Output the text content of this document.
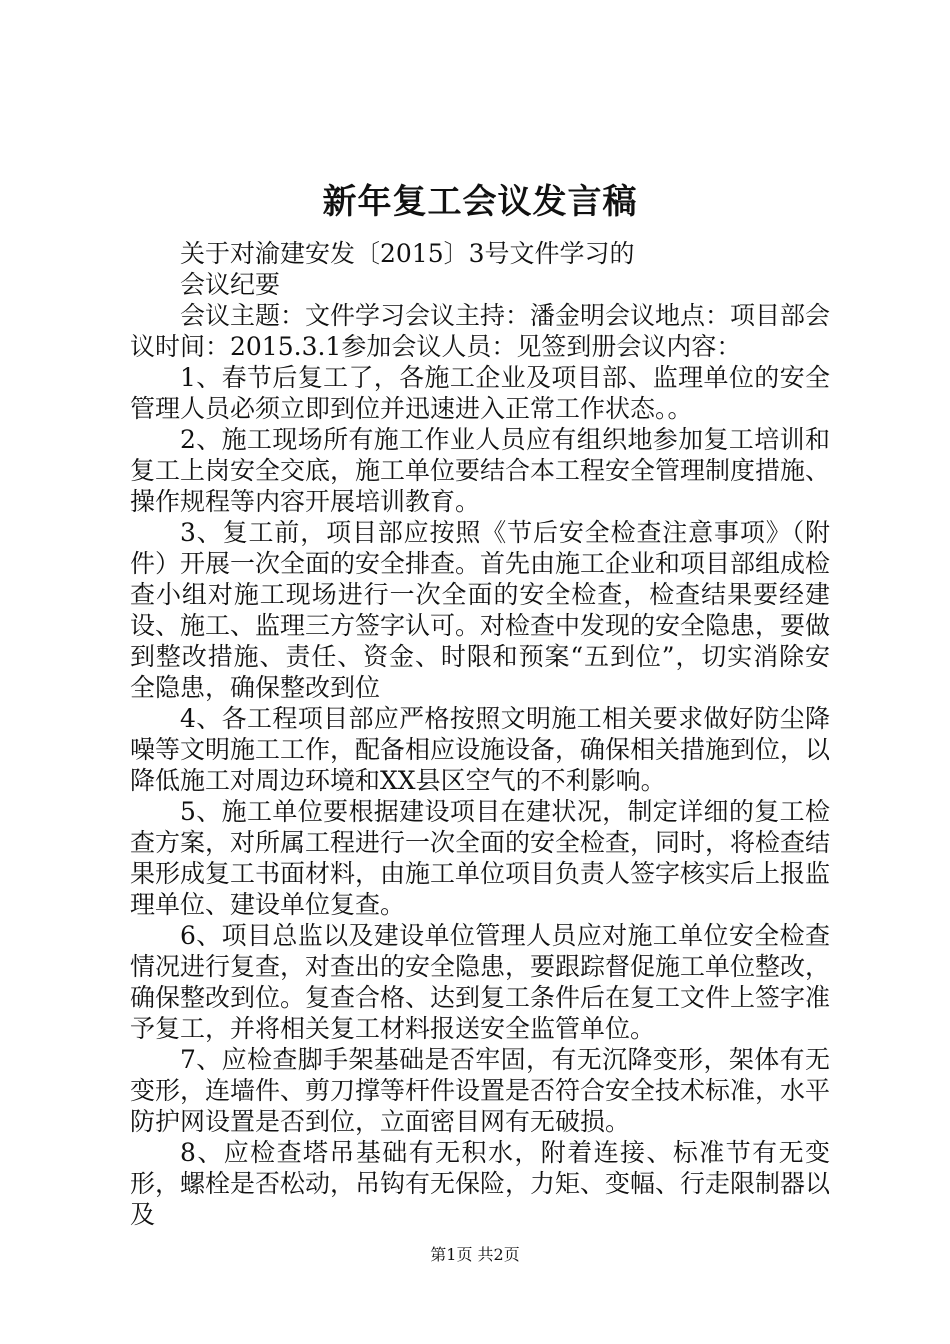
新年复工会议发言稿

关于对渝建安发〔2015〕3号文件学习的

会议纪要

会议主题：文件学习会议主持：潘金明会议地点：项目部会议时间：2015.3.1参加会议人员：见签到册会议内容：

1、春节后复工了，各施工企业及项目部、监理单位的安全管理人员必须立即到位并迅速进入正常工作状态。。

2、施工现场所有施工作业人员应有组织地参加复工培训和复工上岗安全交底，施工单位要结合本工程安全管理制度措施、操作规程等内容开展培训教育。

3、复工前，项目部应按照《节后安全检查注意事项》（附件）开展一次全面的安全排查。首先由施工企业和项目部组成检查小组对施工现场进行一次全面的安全检查，检查结果要经建设、施工、监理三方签字认可。对检查中发现的安全隐患，要做到整改措施、责任、资金、时限和预案“五到位”，切实消除安全隐患，确保整改到位

4、各工程项目部应严格按照文明施工相关要求做好防尘降噪等文明施工工作，配备相应设施设备，确保相关措施到位，以降低施工对周边环境和XX县区空气的不利影响。

5、施工单位要根据建设项目在建状况，制定详细的复工检查方案，对所属工程进行一次全面的安全检查，同时，将检查结果形成复工书面材料，由施工单位项目负责人签字核实后上报监理单位、建设单位复查。

6、项目总监以及建设单位管理人员应对施工单位安全检查情况进行复查，对查出的安全隐患，要跟踪督促施工单位整改，确保整改到位。复查合格、达到复工条件后在复工文件上签字准予复工，并将相关复工材料报送安全监管单位。

7、应检查脚手架基础是否牢固，有无沉降变形，架体有无变形，连墙件、剪刀撑等杆件设置是否符合安全技术标准，水平防护网设置是否到位，立面密目网有无破损。

8、应检查塔吊基础有无积水，附着连接、标准节有无变形，螺栓是否松动，吊钩有无保险，力矩、变幅、行走限制器以及

第1页 共2页
